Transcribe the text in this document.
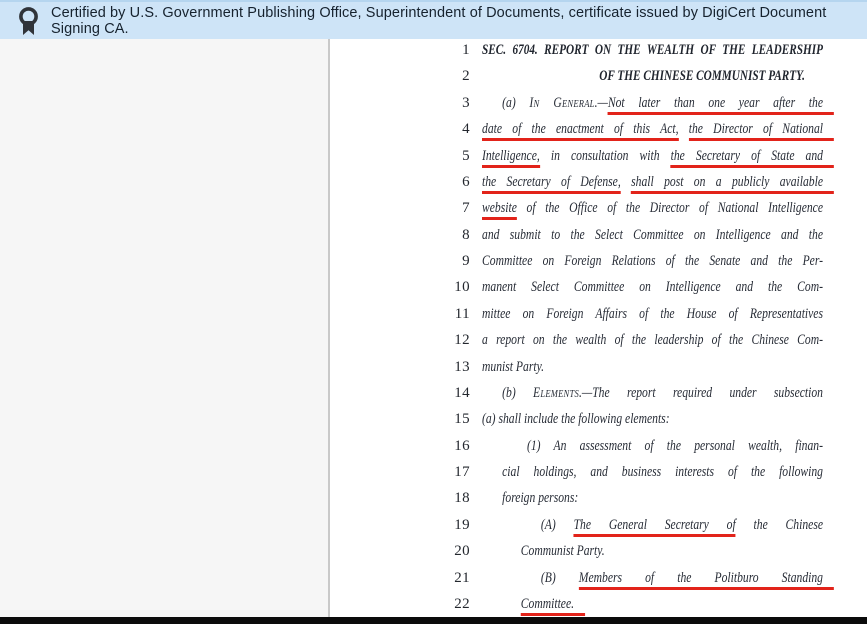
Certified by U.S. Government Publishing Office, Superintendent of Documents, certificate issued by DigiCert Document Signing CA.
1 SEC. 6704. REPORT ON THE WEALTH OF THE LEADERSHIP
2	OF THE CHINESE COMMUNIST PARTY.
3	(a) In General.—Not later than one year after the
4 date of the enactment of this Act, the Director of National
5 Intelligence, in consultation with the Secretary of State and
6 the Secretary of Defense, shall post on a publicly available
7 website of the Office of the Director of National Intelligence
8 and submit to the Select Committee on Intelligence and the
9 Committee on Foreign Relations of the Senate and the Per-
10 manent Select Committee on Intelligence and the Com-
11 mittee on Foreign Affairs of the House of Representatives
12 a report on the wealth of the leadership of the Chinese Com-
13 munist Party.
14	(b) Elements.—The report required under subsection
15 (a) shall include the following elements:
16	(1) An assessment of the personal wealth, finan-
17	cial holdings, and business interests of the following
18	foreign persons:
19	(A) The General Secretary of the Chinese
20	Communist Party.
21	(B) Members of the Politburo Standing
22	Committee.
